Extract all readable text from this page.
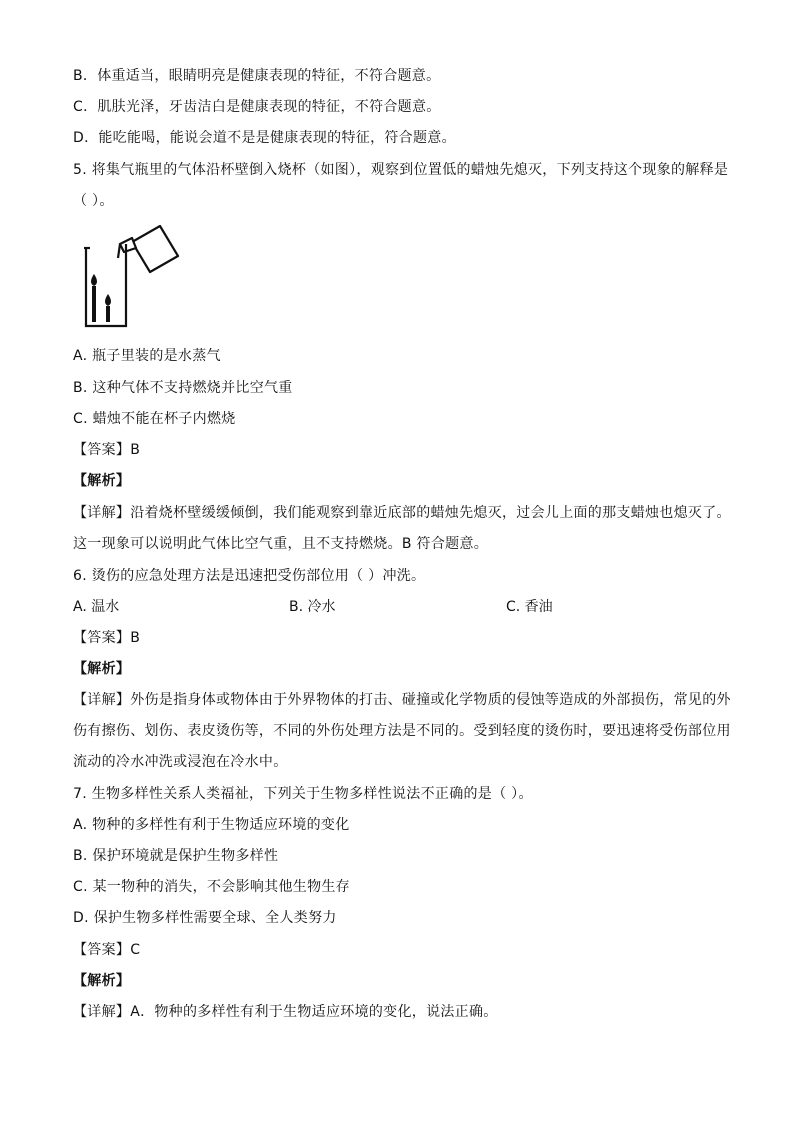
B．体重适当，眼睛明亮是健康表现的特征，不符合题意。
C．肌肤光泽，牙齿洁白是健康表现的特征，不符合题意。
D．能吃能喝，能说会道不是是健康表现的特征，符合题意。
5. 将集气瓶里的气体沿杯壁倒入烧杯（如图），观察到位置低的蜡烛先熄灭，下列支持这个现象的解释是
（ ）。
A. 瓶子里装的是水蒸气
B. 这种气体不支持燃烧并比空气重
C. 蜡烛不能在杯子内燃烧
【答案】B
【解析】
【详解】沿着烧杯壁缓缓倾倒，我们能观察到靠近底部的蜡烛先熄灭，过会儿上面的那支蜡烛也熄灭了。
这一现象可以说明此气体比空气重，且不支持燃烧。B 符合题意。
6. 烫伤的应急处理方法是迅速把受伤部位用（ ）冲洗。
A. 温水	B. 冷水	C. 香油
【答案】B
【解析】
【详解】外伤是指身体或物体由于外界物体的打击、碰撞或化学物质的侵蚀等造成的外部损伤，常见的外
伤有擦伤、划伤、表皮烫伤等，不同的外伤处理方法是不同的。受到轻度的烫伤时，要迅速将受伤部位用
流动的冷水冲洗或浸泡在冷水中。
7. 生物多样性关系人类福祉，下列关于生物多样性说法不正确的是（ ）。
A. 物种的多样性有利于生物适应环境的变化
B. 保护环境就是保护生物多样性
C. 某一物种的消失，不会影响其他生物生存
D. 保护生物多样性需要全球、全人类努力
【答案】C
【解析】
【详解】A．物种的多样性有利于生物适应环境的变化，说法正确。
